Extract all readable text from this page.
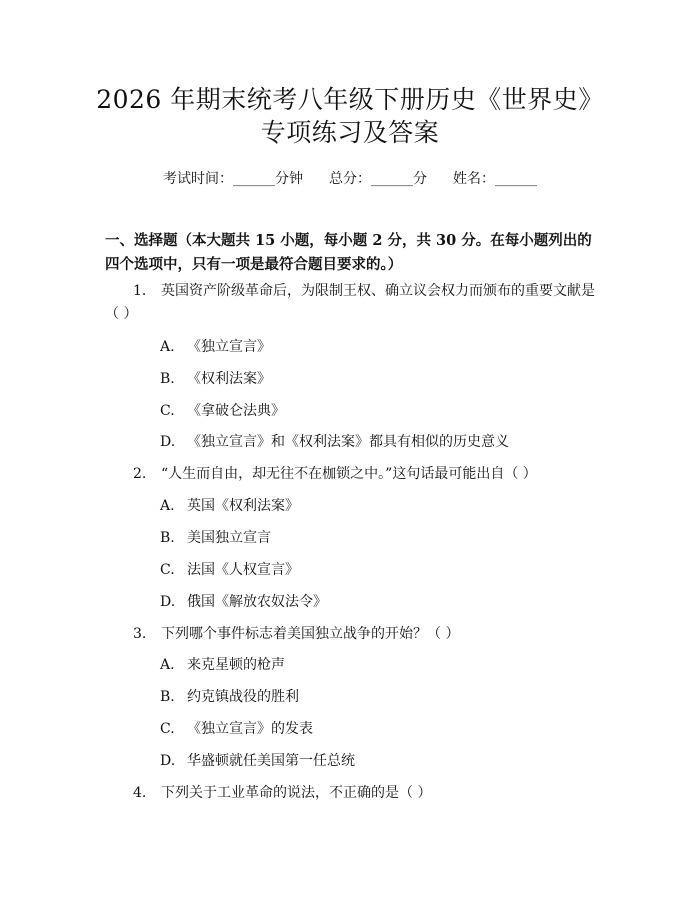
2026 年期末统考八年级下册历史《世界史》
专项练习及答案
考试时间：______分钟 总分：______分 姓名：______

一、选择题（本大题共 15 小题，每小题 2 分，共 30 分。在每小题列出的四个选项中，只有一项是最符合题目要求的。）

1. 英国资产阶级革命后，为限制王权、确立议会权力而颁布的重要文献是
（ ）
A. 《独立宣言》
B. 《权利法案》
C. 《拿破仑法典》
D. 《独立宣言》和《权利法案》都具有相似的历史意义
2. “人生而自由，却无往不在枷锁之中。”这句话最可能出自（ ）
A. 英国《权利法案》
B. 美国独立宣言
C. 法国《人权宣言》
D. 俄国《解放农奴法令》
3. 下列哪个事件标志着美国独立战争的开始？（ ）
A. 来克星顿的枪声
B. 约克镇战役的胜利
C. 《独立宣言》的发表
D. 华盛顿就任美国第一任总统
4. 下列关于工业革命的说法，不正确的是（ ）
